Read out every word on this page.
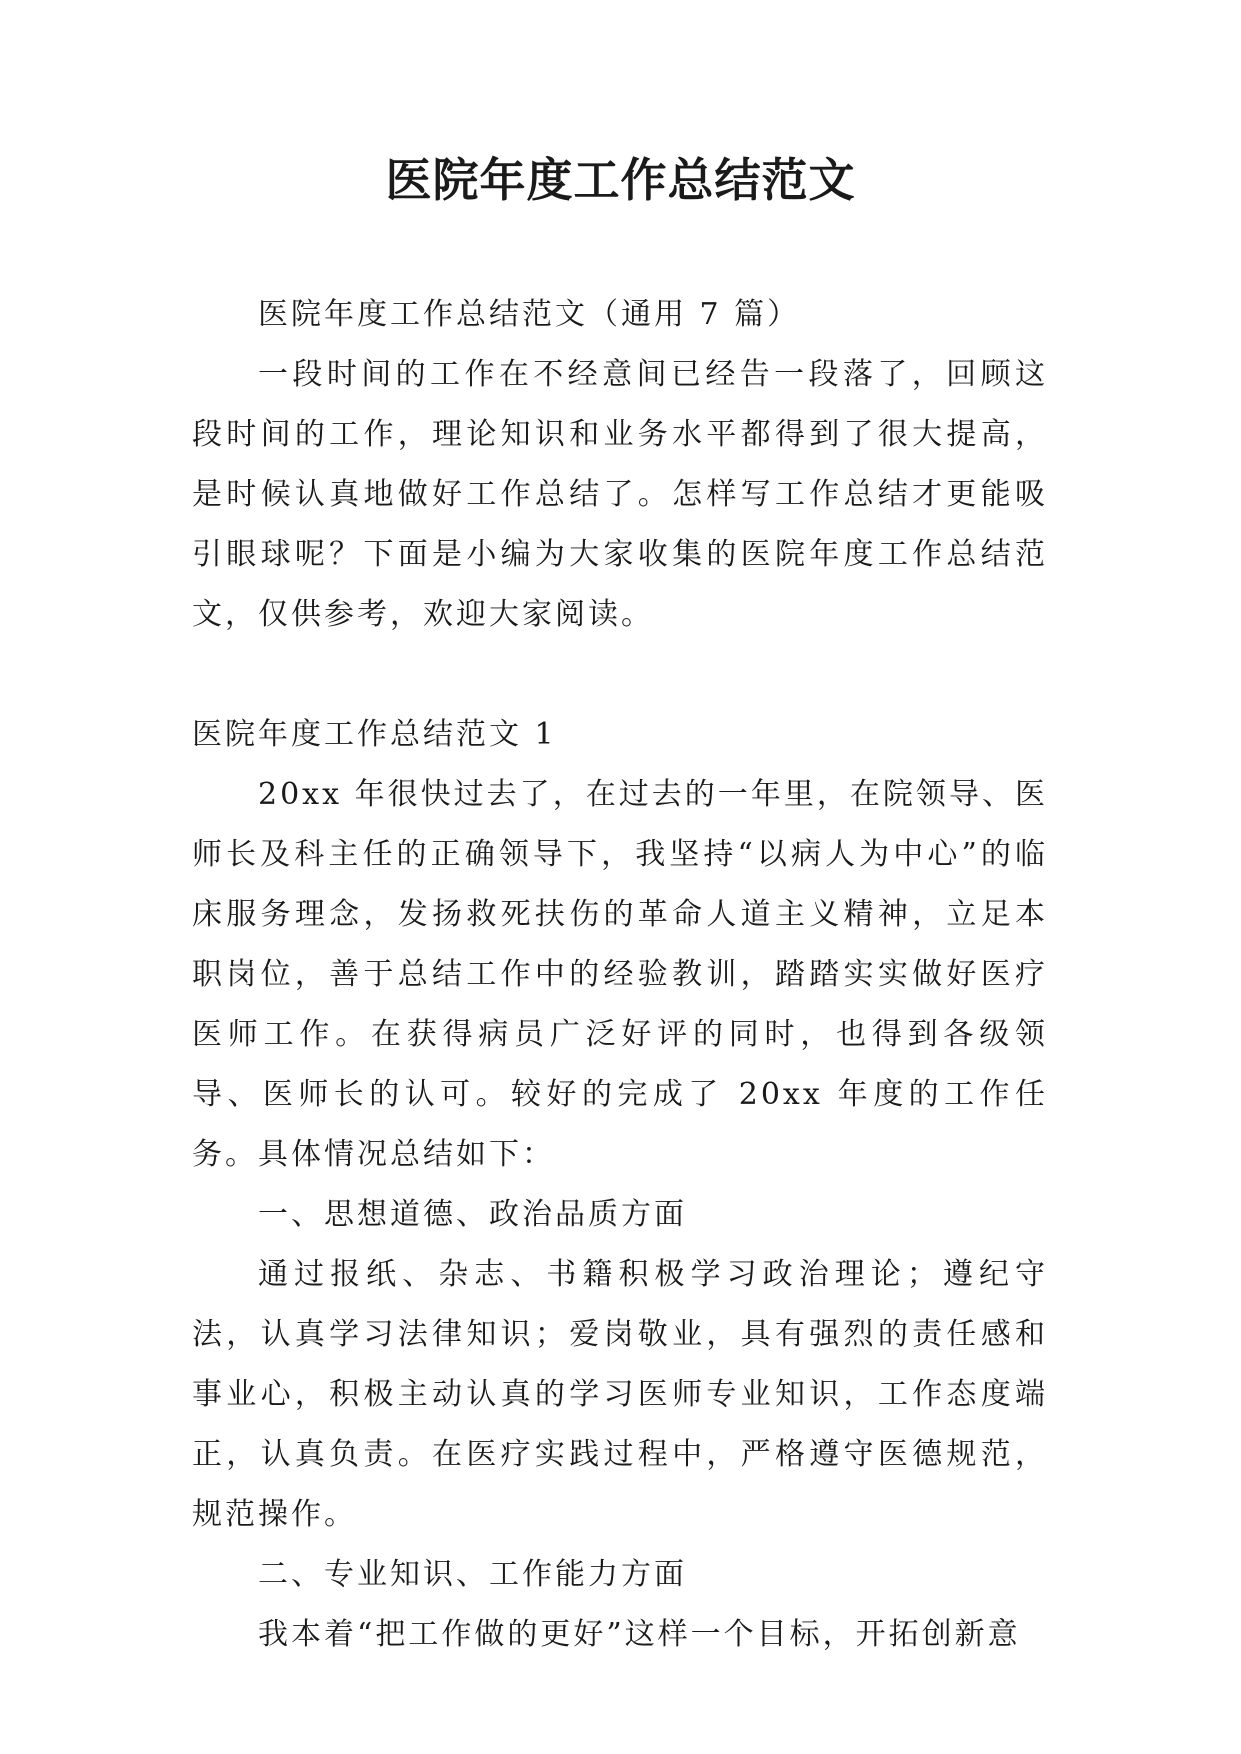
医院年度工作总结范文

医院年度工作总结范文（通用 7 篇）

一段时间的工作在不经意间已经告一段落了，回顾这段时间的工作，理论知识和业务水平都得到了很大提高，是时候认真地做好工作总结了。怎样写工作总结才更能吸引眼球呢？下面是小编为大家收集的医院年度工作总结范文，仅供参考，欢迎大家阅读。

医院年度工作总结范文 1

20xx 年很快过去了，在过去的一年里，在院领导、医师长及科主任的正确领导下，我坚持“以病人为中心”的临床服务理念，发扬救死扶伤的革命人道主义精神，立足本职岗位，善于总结工作中的经验教训，踏踏实实做好医疗医师工作。在获得病员广泛好评的同时，也得到各级领导、医师长的认可。较好的完成了 20xx 年度的工作任务。具体情况总结如下：

一、思想道德、政治品质方面

通过报纸、杂志、书籍积极学习政治理论；遵纪守法，认真学习法律知识；爱岗敬业，具有强烈的责任感和事业心，积极主动认真的学习医师专业知识，工作态度端正，认真负责。在医疗实践过程中，严格遵守医德规范，规范操作。

二、专业知识、工作能力方面

我本着“把工作做的更好”这样一个目标，开拓创新意
